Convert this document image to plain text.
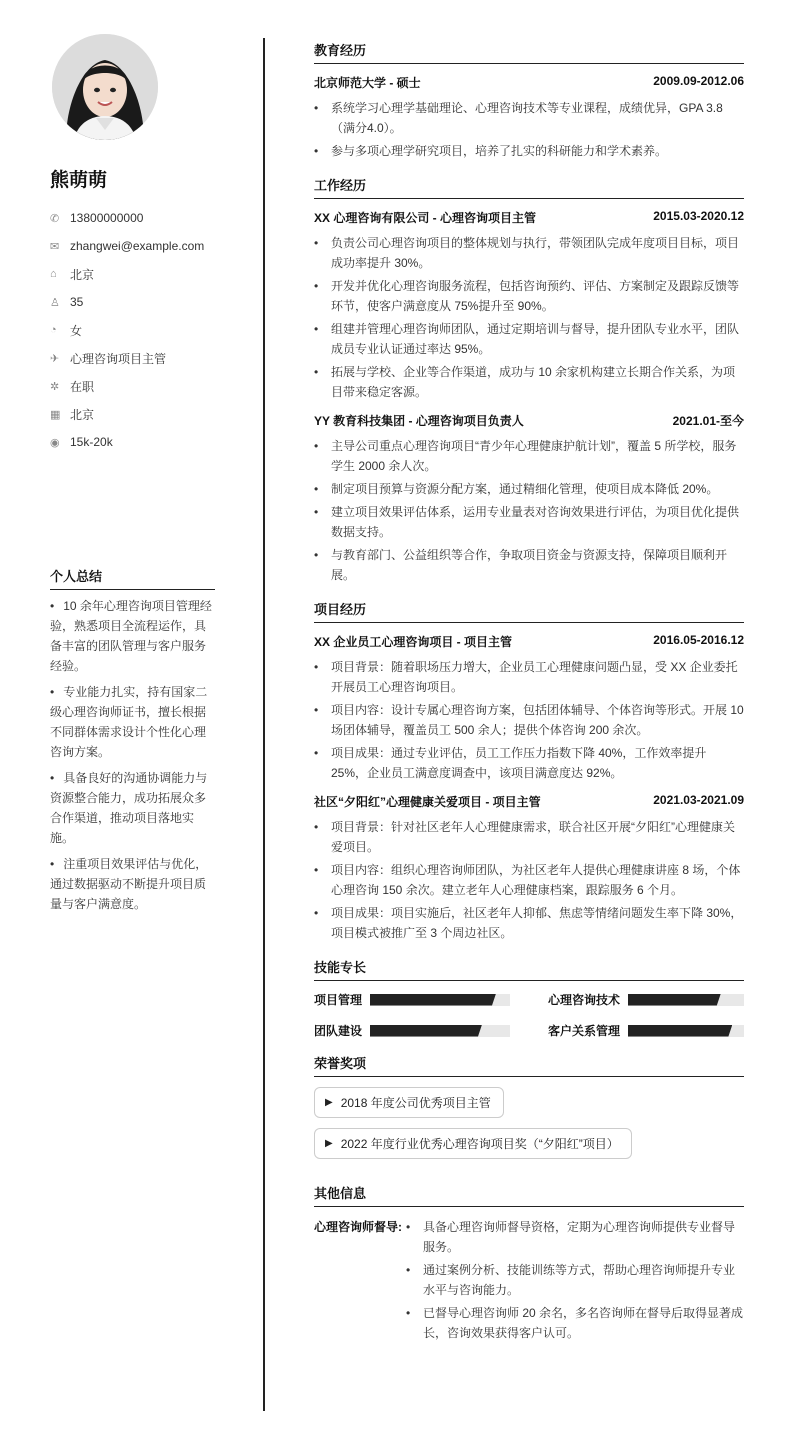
熊萌萌
✆ 13800000000
✉ zhangwei@example.com
⌂	北京
♙ 35
◔	女
✈ 心理咨询项目主管
✲ 在职
▦ 北京
◉ 15k-20k
个人总结
• 10 余年心理咨询项目管理经验，熟悉项目全流程运作，具备丰富的团队管理与客户服务经验。
• 专业能力扎实，持有国家二级心理咨询师证书，擅长根据不同群体需求设计个性化心理咨询方案。
• 具备良好的沟通协调能力与资源整合能力，成功拓展众多合作渠道，推动项目落地实施。
• 注重项目效果评估与优化，通过数据驱动不断提升项目质量与客户满意度。
教育经历
北京师范大学 - 硕士	2009.09-2012.06
• 系统学习心理学基础理论、心理咨询技术等专业课程，成绩优异，GPA 3.8（满分4.0）。
• 参与多项心理学研究项目，培养了扎实的科研能力和学术素养。
工作经历
XX 心理咨询有限公司 - 心理咨询项目主管	2015.03-2020.12
• 负责公司心理咨询项目的整体规划与执行，带领团队完成年度项目目标，项目成功率提升 30%。
• 开发并优化心理咨询服务流程，包括咨询预约、评估、方案制定及跟踪反馈等环节，使客户满意度从 75%提升至 90%。
• 组建并管理心理咨询师团队，通过定期培训与督导，提升团队专业水平，团队成员专业认证通过率达 95%。
• 拓展与学校、企业等合作渠道，成功与 10 余家机构建立长期合作关系，为项目带来稳定客源。
YY 教育科技集团 - 心理咨询项目负责人	2021.01-至今
• 主导公司重点心理咨询项目“青少年心理健康护航计划”，覆盖 5 所学校，服务学生 2000 余人次。
• 制定项目预算与资源分配方案，通过精细化管理，使项目成本降低 20%。
• 建立项目效果评估体系，运用专业量表对咨询效果进行评估，为项目优化提供数据支持。
• 与教育部门、公益组织等合作，争取项目资金与资源支持，保障项目顺利开展。
项目经历
XX 企业员工心理咨询项目 - 项目主管	2016.05-2016.12
• 项目背景：随着职场压力增大，企业员工心理健康问题凸显，受 XX 企业委托开展员工心理咨询项目。
• 项目内容：设计专属心理咨询方案，包括团体辅导、个体咨询等形式。开展 10 场团体辅导，覆盖员工 500 余人；提供个体咨询 200 余次。
• 项目成果：通过专业评估，员工工作压力指数下降 40%，工作效率提升 25%，企业员工满意度调查中，该项目满意度达 92%。
社区“夕阳红”心理健康关爱项目 - 项目主管	2021.03-2021.09
• 项目背景：针对社区老年人心理健康需求，联合社区开展“夕阳红”心理健康关爱项目。
• 项目内容：组织心理咨询师团队，为社区老年人提供心理健康讲座 8 场，个体心理咨询 150 余次。建立老年人心理健康档案，跟踪服务 6 个月。
• 项目成果：项目实施后，社区老年人抑郁、焦虑等情绪问题发生率下降 30%，项目模式被推广至 3 个周边社区。
技能专长
项目管理	心理咨询技术
团队建设	客户关系管理
荣誉奖项
▶ 2018 年度公司优秀项目主管
▶ 2022 年度行业优秀心理咨询项目奖（“夕阳红”项目）
其他信息
心理咨询师督导:
•	具备心理咨询师督导资格，定期为心理咨询师提供专业督导服务。
• 通过案例分析、技能训练等方式，帮助心理咨询师提升专业水平与咨询能力。
• 已督导心理咨询师 20 余名，多名咨询师在督导后取得显著成长，咨询效果获得客户认可。
